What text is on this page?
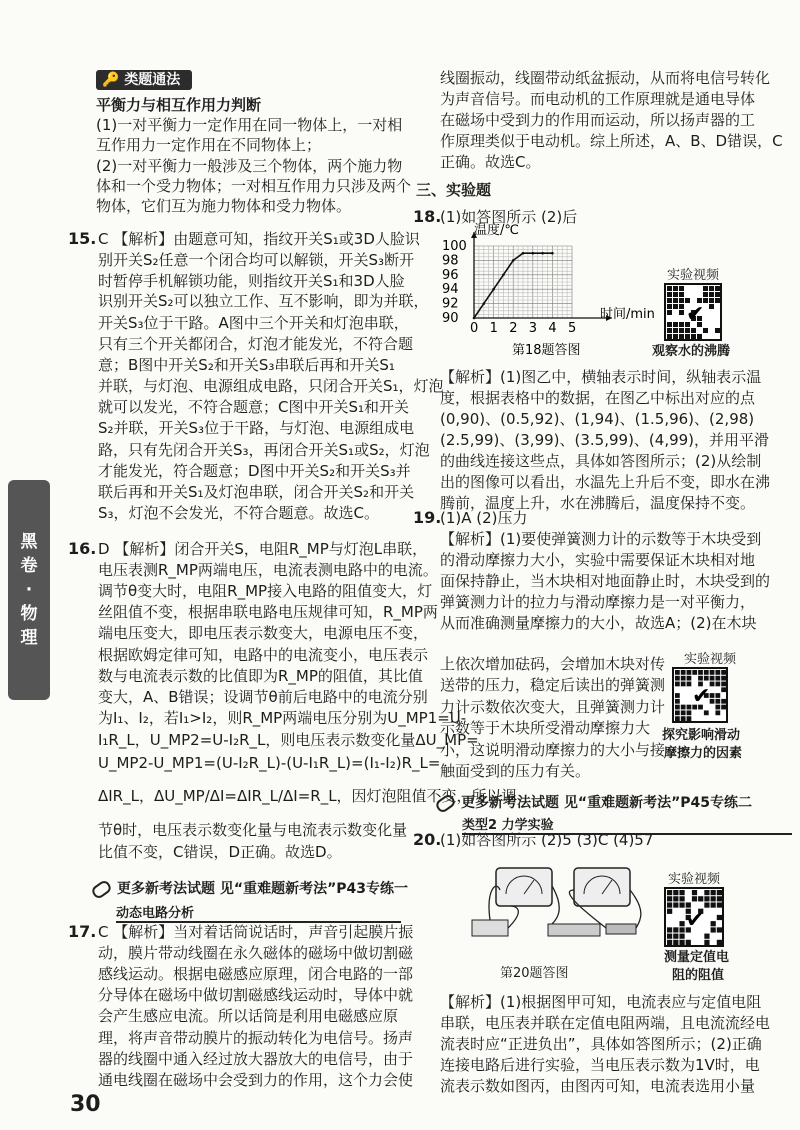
🔑 类题通法
黑卷·物理
平衡力与相互作用力判断
(1)一对平衡力一定作用在同一物体上，一对相
互作用力一定作用在不同物体上；
(2)一对平衡力一般涉及三个物体，两个施力物
体和一个受力物体；一对相互作用力只涉及两个
物体，它们互为施力物体和受力物体。
C 【解析】由题意可知，指纹开关S₁或3D人脸识
别开关S₂任意一个闭合均可以解锁，开关S₃断开
时暂停手机解锁功能，则指纹开关S₁和3D人脸
识别开关S₂可以独立工作、互不影响，即为并联，
开关S₃位于干路。A图中三个开关和灯泡串联，
只有三个开关都闭合，灯泡才能发光，不符合题
意；B图中开关S₂和开关S₃串联后再和开关S₁
并联，与灯泡、电源组成电路，只闭合开关S₁，灯泡
就可以发光，不符合题意；C图中开关S₁和开关
S₂并联，开关S₃位于干路，与灯泡、电源组成电
路，只有先闭合开关S₃，再闭合开关S₁或S₂，灯泡
才能发光，符合题意；D图中开关S₂和开关S₃并
联后再和开关S₁及灯泡串联，闭合开关S₂和开关
S₃，灯泡不会发光，不符合题意。故选C。
D 【解析】闭合开关S，电阻R_MP与灯泡L串联，
电压表测R_MP两端电压，电流表测电路中的电流。
调节θ变大时，电阻R_MP接入电路的阻值变大，灯
丝阻值不变，根据串联电路电压规律可知，R_MP两
端电压变大，即电压表示数变大，电源电压不变，
根据欧姆定律可知，电路中的电流变小，电压表示
数与电流表示数的比值即为R_MP的阻值，其比值
变大，A、B错误；设调节θ前后电路中的电流分别
为I₁、I₂，若I₁>I₂，则R_MP两端电压分别为U_MP1=U-
I₁R_L，U_MP2=U-I₂R_L，则电压表示数变化量ΔU_MP=
U_MP2-U_MP1=(U-I₂R_L)-(U-I₁R_L)=(I₁-I₂)R_L=
ΔIR_L，ΔU_MP/ΔI=ΔIR_L/ΔI=R_L，因灯泡阻值不变，所以调
节θ时，电压表示数变化量与电流表示数变化量
比值不变，C错误，D正确。故选D。
C 【解析】当对着话筒说话时，声音引起膜片振
动，膜片带动线圈在永久磁体的磁场中做切割磁
感线运动。根据电磁感应原理，闭合电路的一部
分导体在磁场中做切割磁感线运动时，导体中就
会产生感应电流。所以话筒是利用电磁感应原
理，将声音带动膜片的振动转化为电信号。扬声
器的线圈中通入经过放大器放大的电信号，由于
通电线圈在磁场中会受到力的作用，这个力会使
线圈振动，线圈带动纸盆振动，从而将电信号转化
为声音信号。而电动机的工作原理就是通电导体
在磁场中受到力的作用而运动，所以扬声器的工
作原理类似于电动机。综上所述，A、B、D错误，C
正确。故选C。
三、实验题
(1)如答图所示 (2)后
【解析】(1)图乙中，横轴表示时间，纵轴表示温
度，根据表格中的数据，在图乙中标出对应的点
(0,90)、(0.5,92)、(1,94)、(1.5,96)、(2,98)
(2.5,99)、(3,99)、(3.5,99)、(4,99)，并用平滑
的曲线连接这些点，具体如答图所示；(2)从绘制
出的图像可以看出，水温先上升后不变，即水在沸
腾前，温度上升，水在沸腾后，温度保持不变。
(1)A (2)压力
【解析】(1)要使弹簧测力计的示数等于木块受到
的滑动摩擦力大小，实验中需要保证木块相对地
面保持静止，当木块相对地面静止时，木块受到的
弹簧测力计的拉力与滑动摩擦力是一对平衡力，
从而准确测量摩擦力的大小，故选A；(2)在木块
上依次增加砝码，会增加木块对传
送带的压力，稳定后读出的弹簧测
力计示数依次变大，且弹簧测力计
示数等于木块所受滑动摩擦力大
小，这说明滑动摩擦力的大小与接
触面受到的压力有关。
(1)如答图所示 (2)5 (3)C (4)57
【解析】(1)根据图甲可知，电流表应与定值电阻
串联，电压表并联在定值电阻两端，且电流流经电
流表时应“正进负出”，具体如答图所示；(2)正确
连接电路后进行实验，当电压表示数为1V时，电
流表示数如图丙，由图丙可知，电流表选用小量
更多新考法试题 见“重难题新考法”P43专练一
动态电路分析
更多新考法试题 见“重难题新考法”P45专练二
类型2 力学实验
15.
16.
17.
18.
19.
20.
0 1 2 3 4 5
90
92
94
96
98
100
温度/℃
时间/min
第18题答图
实验视频
✔
观察水的沸腾
实验视频
✔
探究影响滑动
摩擦力的因素
实验视频
✔
测量定值电
阻的阻值
第20题答图
30
